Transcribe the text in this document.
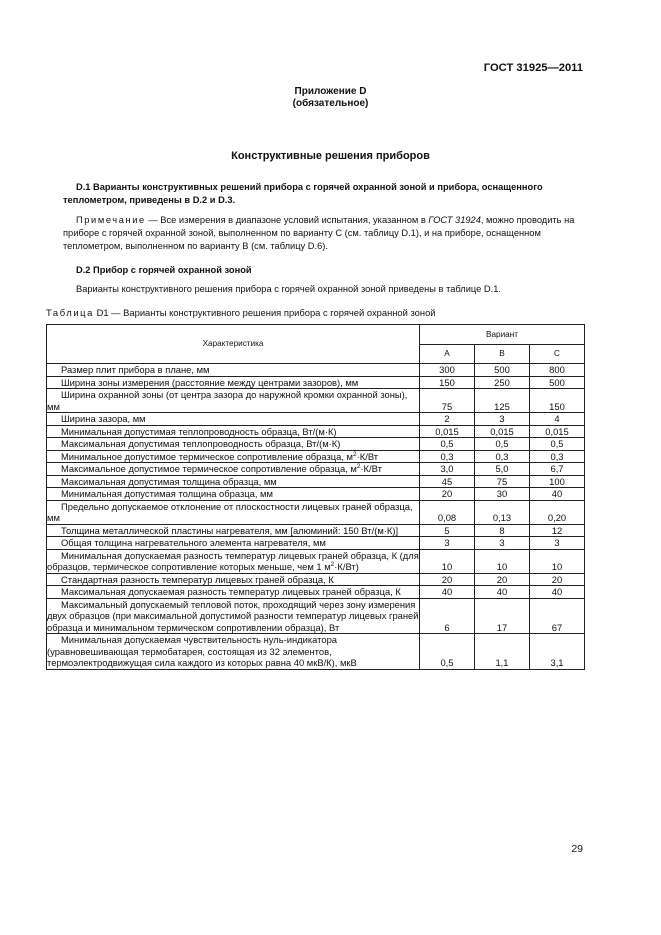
ГОСТ 31925—2011
Приложение D
(обязательное)
Конструктивные решения приборов
D.1 Варианты конструктивных решений прибора с горячей охранной зоной и прибора, оснащенного теплометром, приведены в D.2 и D.3.
Примечание — Все измерения в диапазоне условий испытания, указанном в ГОСТ 31924, можно проводить на приборе с горячей охранной зоной, выполненном по варианту С (см. таблицу D.1), и на приборе, оснащенном теплометром, выполненном по варианту В (см. таблицу D.6).
D.2 Прибор с горячей охранной зоной
Варианты конструктивного решения прибора с горячей охранной зоной приведены в таблице D.1.
Таблица D1 — Варианты конструктивного решения прибора с горячей охранной зоной
Характеристика	Вариант		
	А	В	С
Размер плит прибора в плане, мм	300	500	800
Ширина зоны измерения (расстояние между центрами зазоров), мм	150	250	500
Ширина охранной зоны (от центра зазора до наружной кромки охранной зоны), мм	75	125	150
Ширина зазора, мм	2	3	4
Минимальная допустимая теплопроводность образца, Вт/(м·К)	0,015	0,015	0,015
Максимальная допустимая теплопроводность образца, Вт/(м·К)	0,5	0,5	0,5
Минимальное допустимое термическое сопротивление образца, $м^2\cdot К/Вт$	0,3	0,3	0,3
Максимальное допустимое термическое сопротивление образца, $м^2\cdot К/Вт$	3,0	5,0	6,7
Максимальная допустимая толщина образца, мм	45	75	100
Минимальная допустимая толщина образца, мм	20	30	40
Предельно допускаемое отклонение от плоскостности лицевых граней образца, мм	0,08	0,13	0,20
Толщина металлической пластины нагревателя, мм [алюминий: 150 Вт/(м·К)]	5	8	12
Общая толщина нагревательного элемента нагревателя, мм	3	3	3
Минимальная допускаемая разность температур лицевых граней образца, К (для образцов, термическое сопротивление которых меньше, чем 1 $м^2\cdot К/Вт$)	10	10	10
Стандартная разность температур лицевых граней образца, К	20	20	20
Максимальная допускаемая разность температур лицевых граней образца, К	40	40	40
Максимальный допускаемый тепловой поток, проходящий через зону измерения двух образцов (при максимальной допустимой разности температур лицевых граней образца и минимальном термическом сопротивлении образца), Вт	6	17	67
Минимальная допускаемая чувствительность нуль-индикатора (уравновешивающая термобатарея, состоящая из 32 элементов, термоэлектродвижущая сила каждого из которых равна 40 мкВ/К), мкВ	0,5	1,1	3,1
29
